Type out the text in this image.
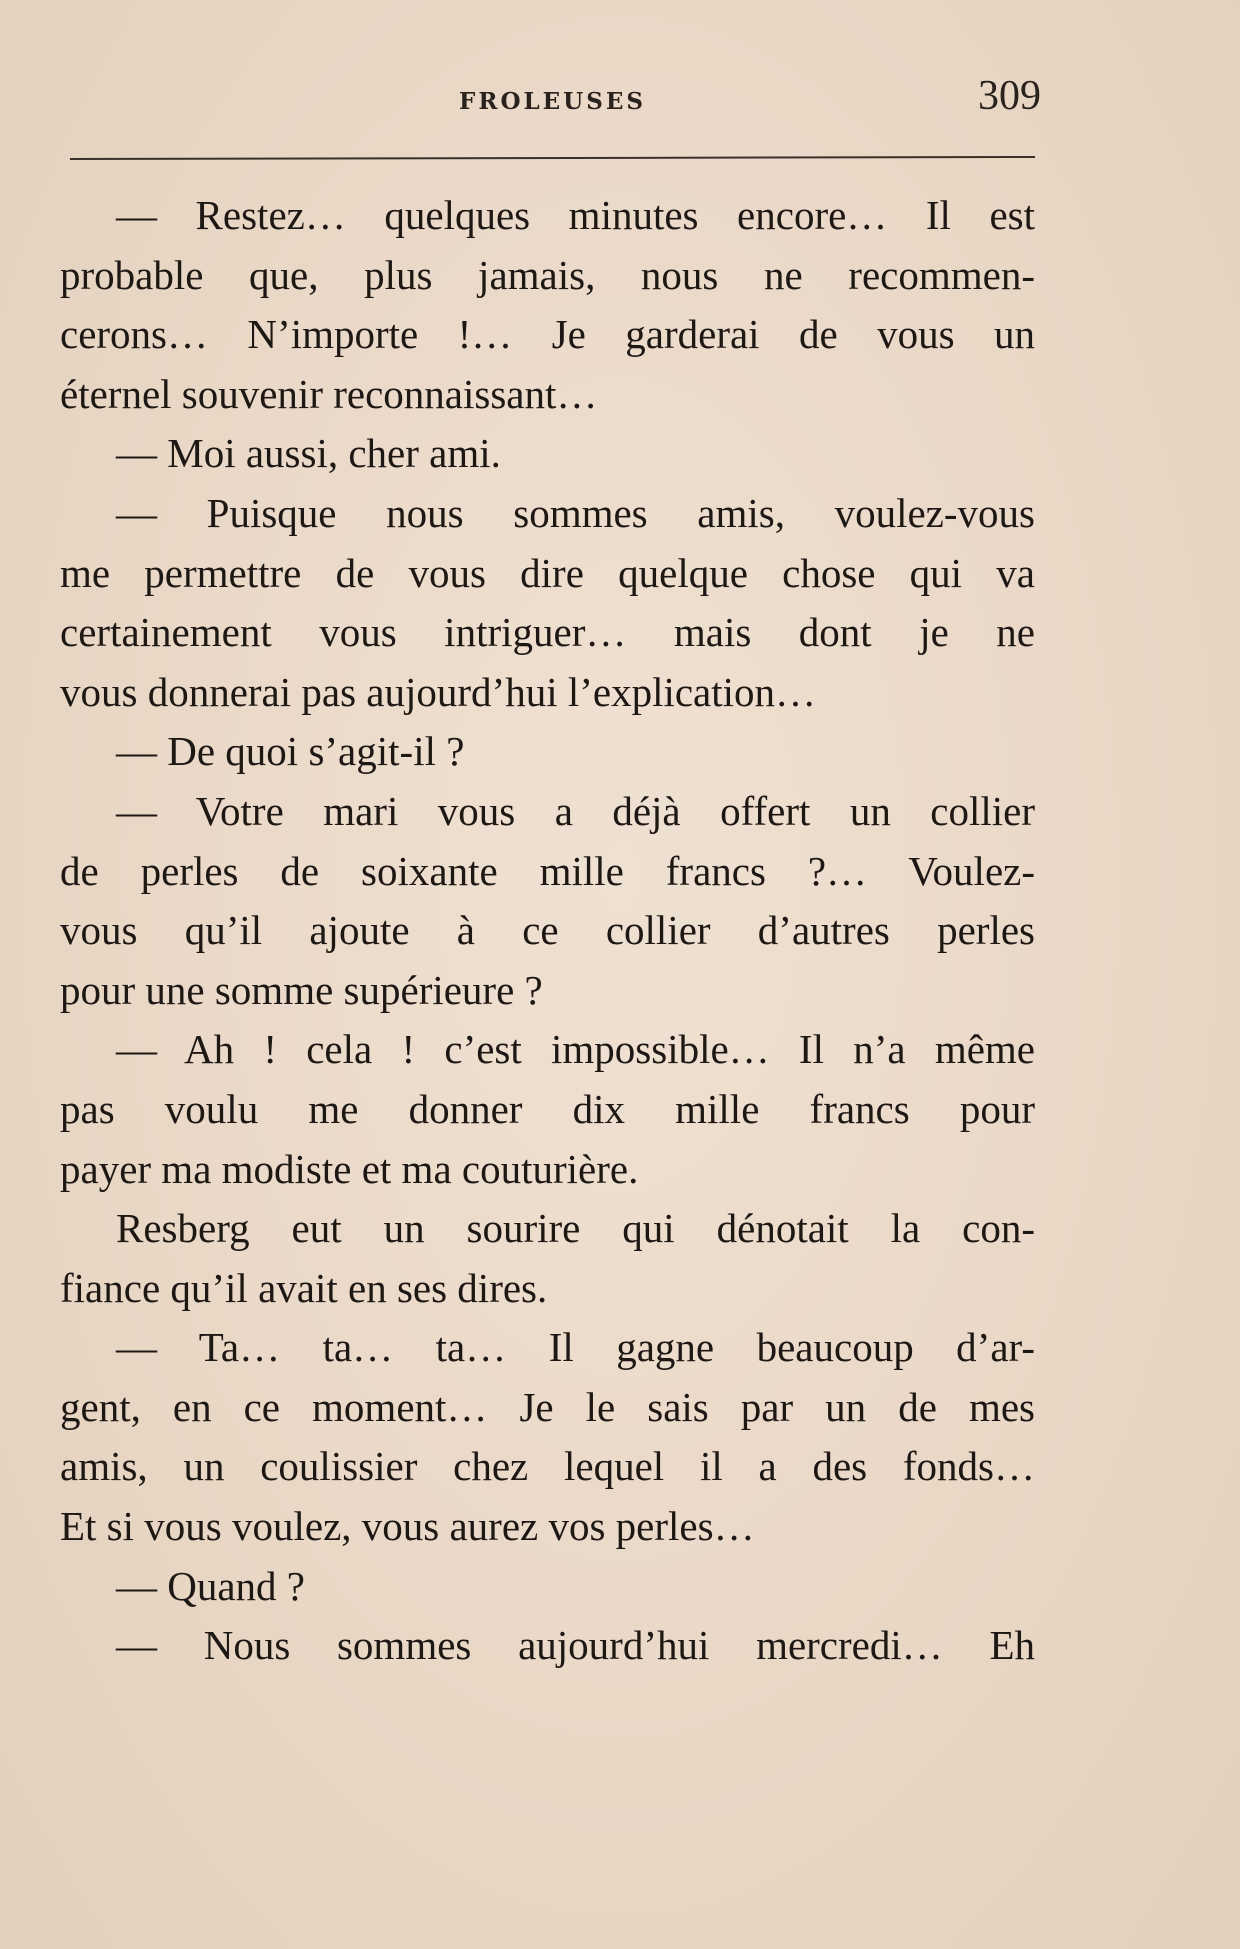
FROLEUSES	309
— Restez… quelques minutes encore… Il est
probable que, plus jamais, nous ne recommen-
cerons… N’importe !… Je garderai de vous un
éternel souvenir reconnaissant…
— Moi aussi, cher ami.
— Puisque nous sommes amis, voulez-vous
me permettre de vous dire quelque chose qui va
certainement vous intriguer… mais dont je ne
vous donnerai pas aujourd’hui l’explication…
— De quoi s’agit-il ?
— Votre mari vous a déjà offert un collier
de perles de soixante mille francs ?… Voulez-
vous qu’il ajoute à ce collier d’autres perles
pour une somme supérieure ?
— Ah ! cela ! c’est impossible… Il n’a même
pas voulu me donner dix mille francs pour
payer ma modiste et ma couturière.
Resberg eut un sourire qui dénotait la con-
fiance qu’il avait en ses dires.
— Ta… ta… ta… Il gagne beaucoup d’ar-
gent, en ce moment… Je le sais par un de mes
amis, un coulissier chez lequel il a des fonds…
Et si vous voulez, vous aurez vos perles…
— Quand ?
— Nous sommes aujourd’hui mercredi… Eh
